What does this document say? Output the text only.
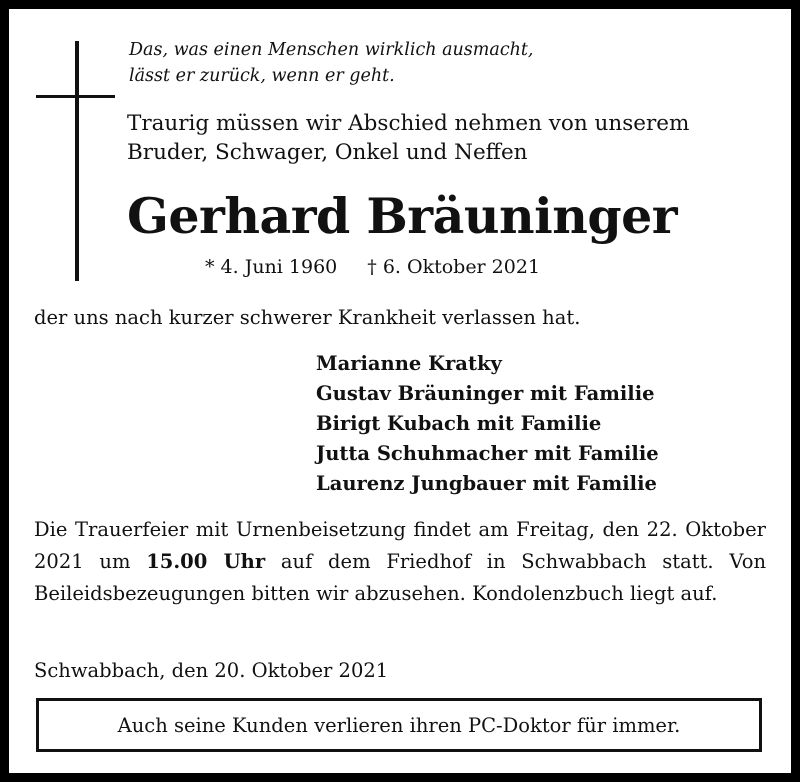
Das, was einen Menschen wirklich ausmacht,
lässt er zurück, wenn er geht.
Traurig müssen wir Abschied nehmen von unserem
Bruder, Schwager, Onkel und Neffen
Gerhard Bräuninger
* 4. Juni 1960 † 6. Oktober 2021
der uns nach kurzer schwerer Krankheit verlassen hat.
Marianne Kratky
Gustav Bräuninger mit Familie
Birigt Kubach mit Familie
Jutta Schuhmacher mit Familie
Laurenz Jungbauer mit Familie
Die Trauerfeier mit Urnenbeisetzung findet am Freitag, den 22. Oktober 2021 um 15.00 Uhr auf dem Friedhof in Schwabbach statt. Von Beileidsbezeugungen bitten wir abzusehen. Kondolenzbuch liegt auf.
Schwabbach, den 20. Oktober 2021
Auch seine Kunden verlieren ihren PC-Doktor für immer.
